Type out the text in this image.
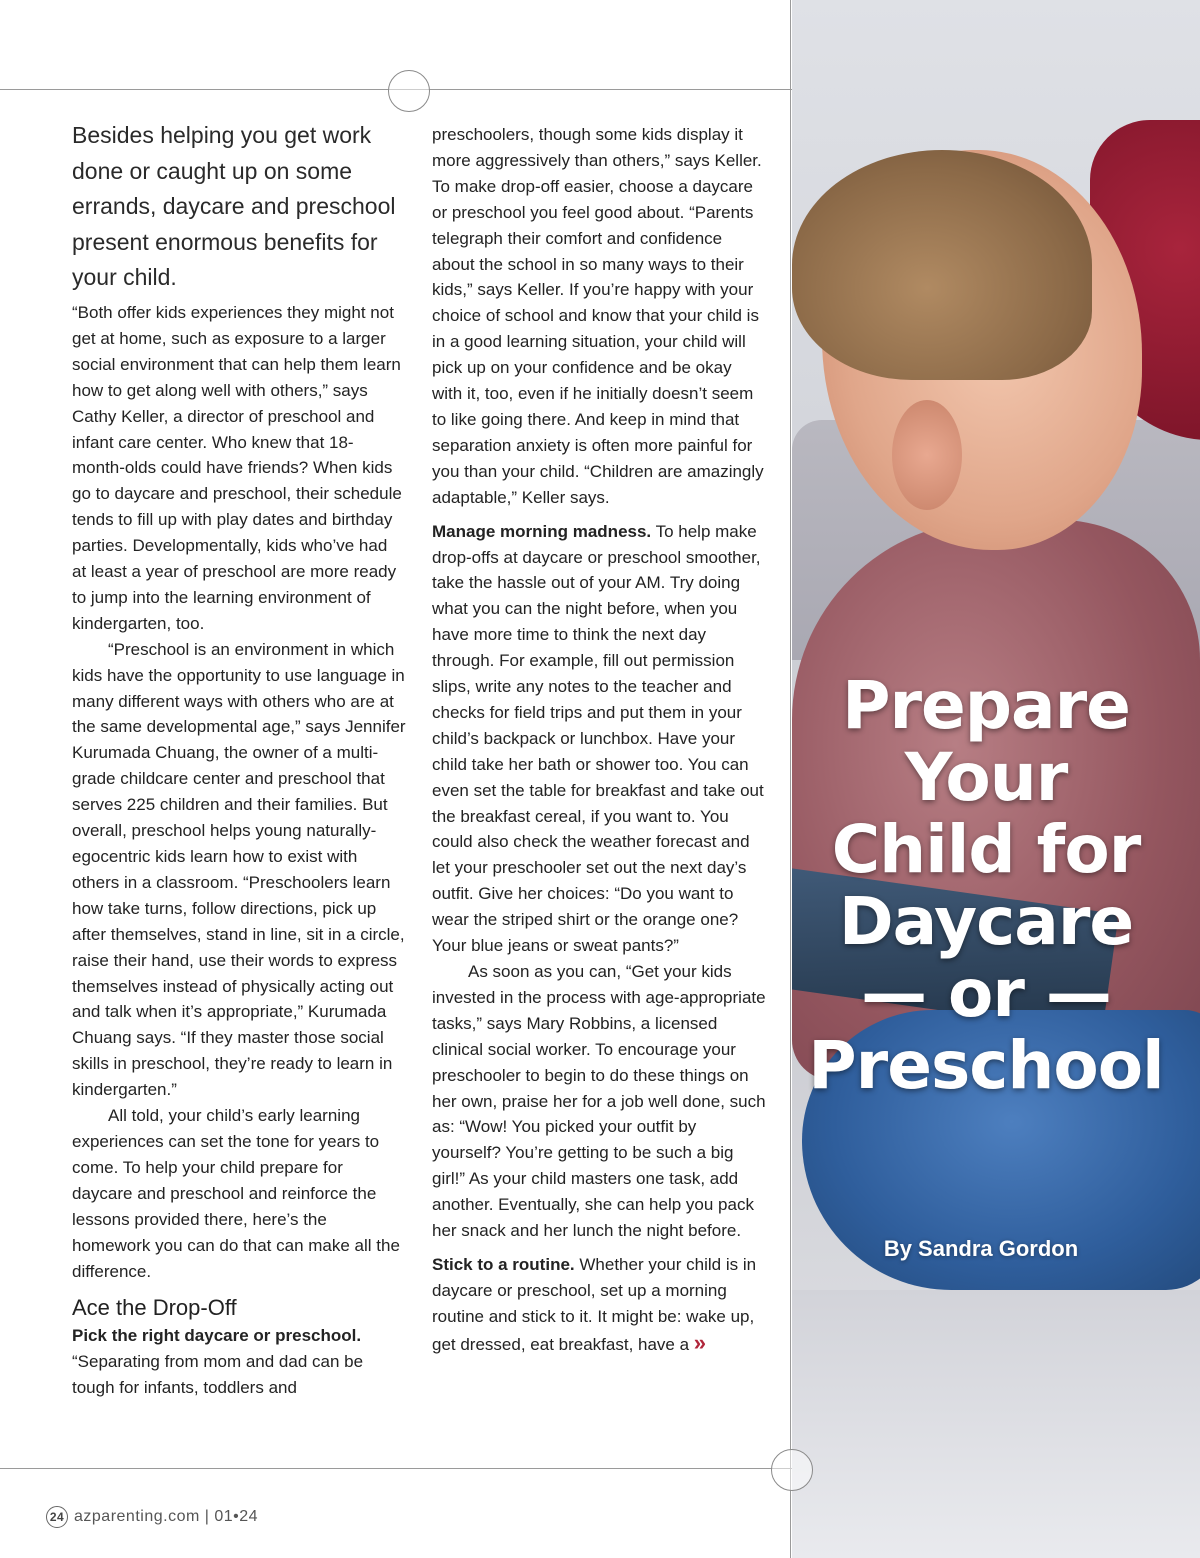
Prepare
Your
Child for
Daycare
— or —
Preschool
By Sandra Gordon

Besides helping you get work done or caught up on some errands, daycare and preschool present enormous benefits for your child.

“Both offer kids experiences they might not get at home, such as exposure to a larger social environment that can help them learn how to get along well with others,” says Cathy Keller, a director of preschool and infant care center. Who knew that 18-month-olds could have friends? When kids go to daycare and preschool, their schedule tends to fill up with play dates and birthday parties. Developmentally, kids who’ve had at least a year of preschool are more ready to jump into the learning environment of kindergarten, too.

“Preschool is an environment in which kids have the opportunity to use language in many different ways with others who are at the same developmental age,” says Jennifer Kurumada Chuang, the owner of a multi-grade childcare center and preschool that serves 225 children and their families. But overall, preschool helps young naturally-egocentric kids learn how to exist with others in a classroom. “Preschoolers learn how take turns, follow directions, pick up after themselves, stand in line, sit in a circle, raise their hand, use their words to express themselves instead of physically acting out and talk when it’s appropriate,” Kurumada Chuang says. “If they master those social skills in preschool, they’re ready to learn in kindergarten.”

All told, your child’s early learning experiences can set the tone for years to come. To help your child prepare for daycare and preschool and reinforce the lessons provided there, here’s the homework you can do that can make all the difference.

Ace the Drop-Off

Pick the right daycare or preschool.
“Separating from mom and dad can be tough for infants, toddlers and

preschoolers, though some kids display it more aggressively than others,” says Keller. To make drop-off easier, choose a daycare or preschool you feel good about. “Parents telegraph their comfort and confidence about the school in so many ways to their kids,” says Keller. If you’re happy with your choice of school and know that your child is in a good learning situation, your child will pick up on your confidence and be okay with it, too, even if he initially doesn’t seem to like going there. And keep in mind that separation anxiety is often more painful for you than your child. “Children are amazingly adaptable,” Keller says.

Manage morning madness. To help make drop-offs at daycare or preschool smoother, take the hassle out of your AM. Try doing what you can the night before, when you have more time to think the next day through. For example, fill out permission slips, write any notes to the teacher and checks for field trips and put them in your child’s backpack or lunchbox. Have your child take her bath or shower too. You can even set the table for breakfast and take out the breakfast cereal, if you want to. You could also check the weather forecast and let your preschooler set out the next day’s outfit. Give her choices: “Do you want to wear the striped shirt or the orange one? Your blue jeans or sweat pants?”

As soon as you can, “Get your kids invested in the process with age-appropriate tasks,” says Mary Robbins, a licensed clinical social worker. To encourage your preschooler to begin to do these things on her own, praise her for a job well done, such as: “Wow! You picked your outfit by yourself? You’re getting to be such a big girl!” As your child masters one task, add another. Eventually, she can help you pack her snack and her lunch the night before.

Stick to a routine. Whether your child is in daycare or preschool, set up a morning routine and stick to it. It might be: wake up, get dressed, eat breakfast, have a »

24 azparenting.com | 01•24
